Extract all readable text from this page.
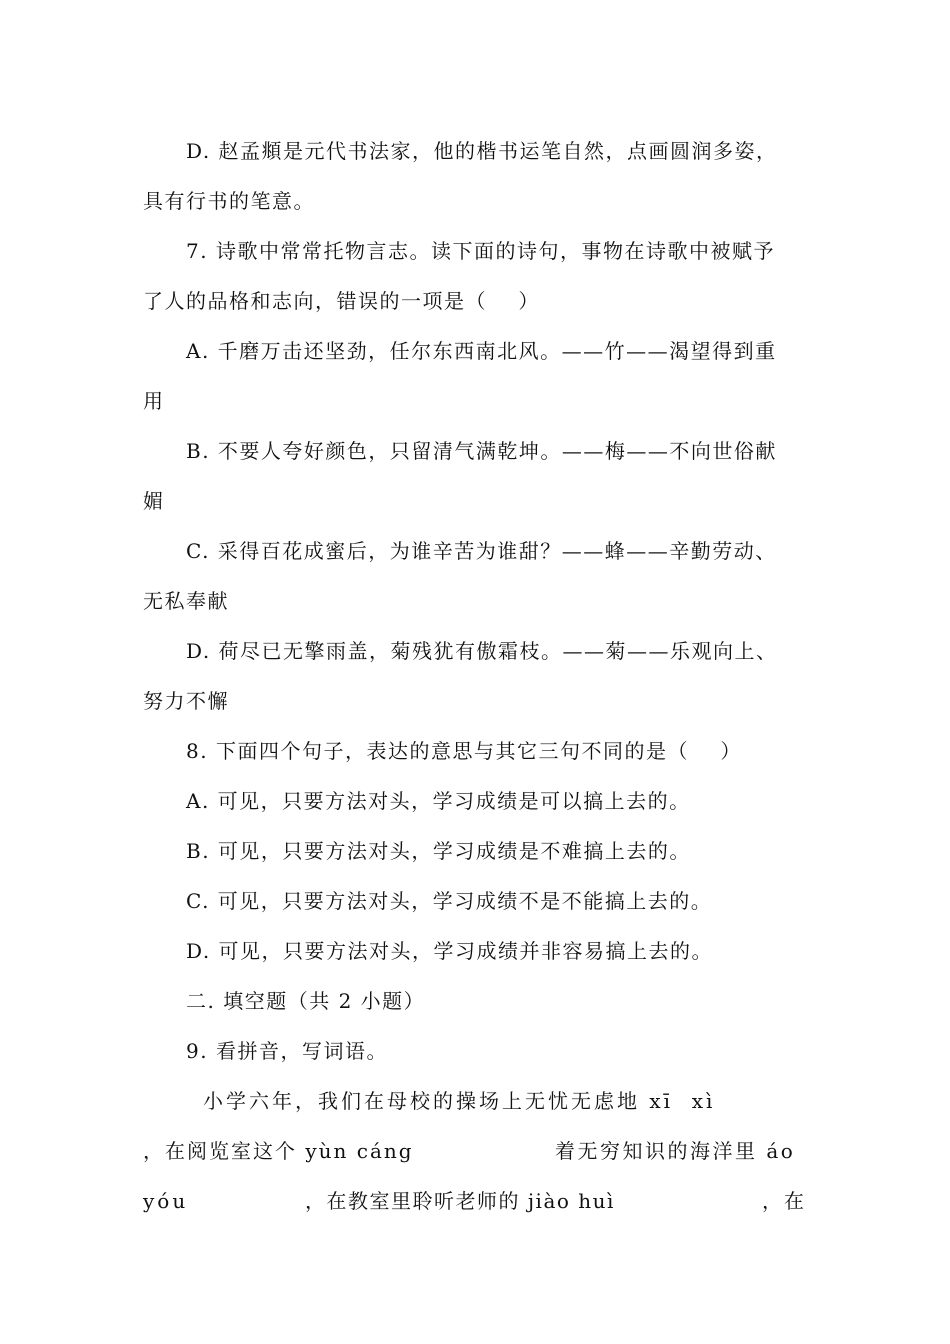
D. 赵孟頫是元代书法家，他的楷书运笔自然，点画圆润多姿，
具有行书的笔意。
7. 诗歌中常常托物言志。读下面的诗句，事物在诗歌中被赋予
了人的品格和志向，错误的一项是（    ）
A. 千磨万击还坚劲，任尔东西南北风。——竹——渴望得到重
用
B. 不要人夸好颜色，只留清气满乾坤。——梅——不向世俗献
媚
C. 采得百花成蜜后，为谁辛苦为谁甜？——蜂——辛勤劳动、
无私奉献
D. 荷尽已无擎雨盖，菊残犹有傲霜枝。——菊——乐观向上、
努力不懈
8. 下面四个句子，表达的意思与其它三句不同的是（    ）
A. 可见，只要方法对头，学习成绩是可以搞上去的。
B. 可见，只要方法对头，学习成绩是不难搞上去的。
C. 可见，只要方法对头，学习成绩不是不能搞上去的。
D. 可见，只要方法对头，学习成绩并非容易搞上去的。
二. 填空题（共 2 小题）
9. 看拼音，写词语。
小学六年，我们在母校的操场上无忧无虑地 xī  xì
，在阅览室这个 yùn cáng	着无穷知识的海洋里 áo
yóu	，在教室里聆听老师的 jiào huì	，在
